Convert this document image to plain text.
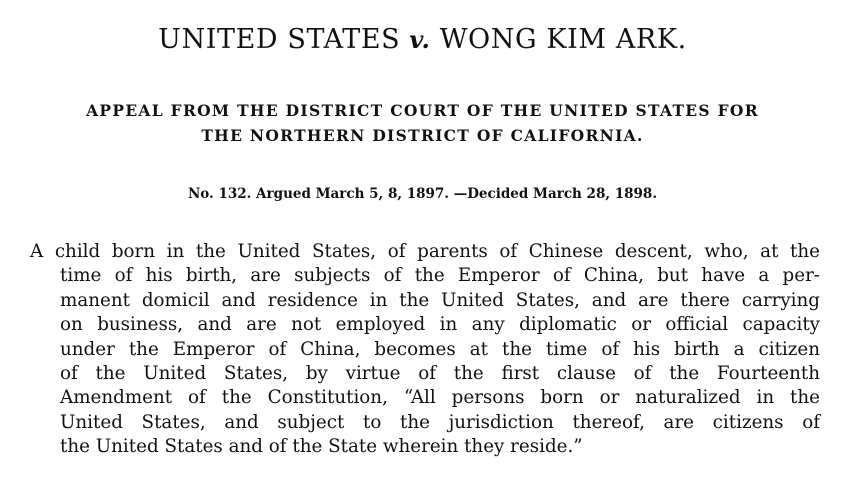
UNITED STATES v. WONG KIM ARK.
APPEAL FROM THE DISTRICT COURT OF THE UNITED STATES FOR
THE NORTHERN DISTRICT OF CALIFORNIA.
No. 132. Argued March 5, 8, 1897. —Decided March 28, 1898.

A child born in the United States, of parents of Chinese descent, who, at the
time of his birth, are subjects of the Emperor of China, but have a per-
manent domicil and residence in the United States, and are there carrying
on business, and are not employed in any diplomatic or official capacity
under the Emperor of China, becomes at the time of his birth a citizen
of the United States, by virtue of the first clause of the Fourteenth
Amendment of the Constitution, “All persons born or naturalized in the
United States, and subject to the jurisdiction thereof, are citizens of
the United States and of the State wherein they reside.”
